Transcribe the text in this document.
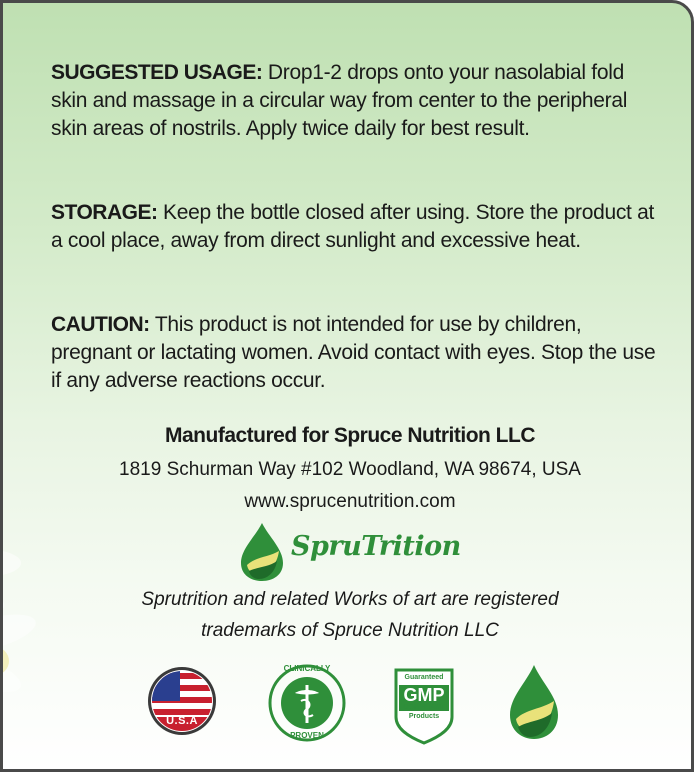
SUGGESTED USAGE: Drop1-2 drops onto your nasolabial fold skin and massage in a circular way from center to the peripheral skin areas of nostrils. Apply twice daily for best result.
STORAGE: Keep the bottle closed after using. Store the product at a cool place, away from direct sunlight and excessive heat.
CAUTION: This product is not intended for use by children, pregnant or lactating women. Avoid contact with eyes. Stop the use if any adverse reactions occur.
Manufactured for Spruce Nutrition LLC
1819 Schurman Way #102 Woodland, WA 98674, USA
www.sprucenutrition.com
SpruTrition
Sprutrition and related Works of art are registered
trademarks of Spruce Nutrition LLC
U.S.A
CLINICALLY
PROVEN
Guaranteed
GMP
COMPLIANT
Products
